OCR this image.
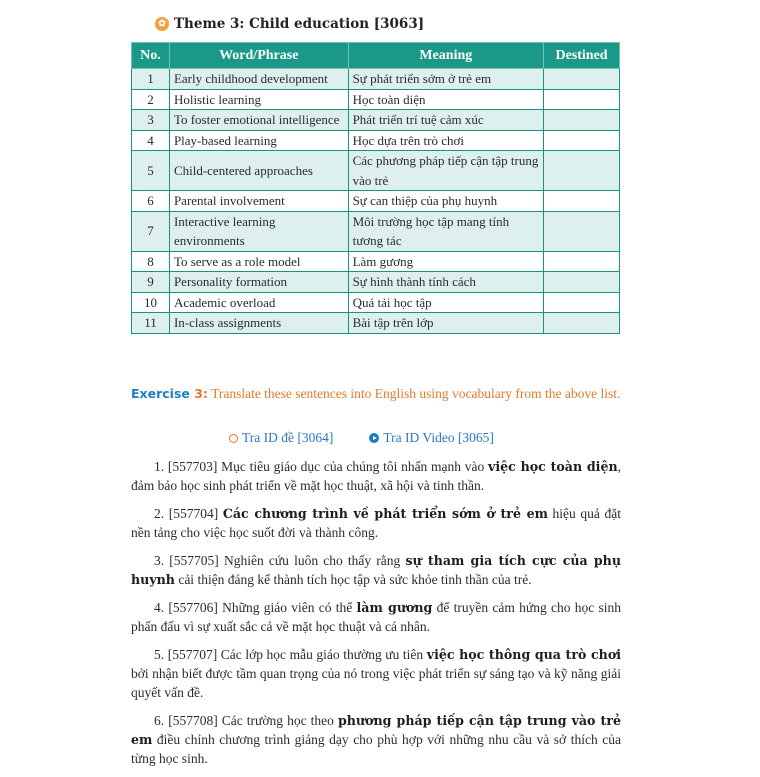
✿ Theme 3: Child education [3063]
No.	Word/Phrase	Meaning	Destined
1	Early childhood development	Sự phát triển sớm ở trẻ em	
2	Holistic learning	Học toàn diện	
3	To foster emotional intelligence	Phát triển trí tuệ cảm xúc	
4	Play-based learning	Học dựa trên trò chơi	
5	Child-centered approaches	Các phương pháp tiếp cận tập trung vào trẻ	
6	Parental involvement	Sự can thiệp của phụ huynh	
7	Interactive learning environments	Môi trường học tập mang tính tương tác	
8	To serve as a role model	Làm gương	
9	Personality formation	Sự hình thành tính cách	
10	Academic overload	Quá tải học tập	
11	In-class assignments	Bài tập trên lớp	
Exercise 3: Translate these sentences into English using vocabulary from the above list.
Tra ID đề [3064]	Tra ID Video [3065]

1. [557703] Mục tiêu giáo dục của chúng tôi nhấn mạnh vào việc học toàn diện, đảm bảo học sinh phát triển về mặt học thuật, xã hội và tinh thần.

2. [557704] Các chương trình về phát triển sớm ở trẻ em hiệu quả đặt nền tảng cho việc học suốt đời và thành công.

3. [557705] Nghiên cứu luôn cho thấy rằng sự tham gia tích cực của phụ huynh cải thiện đáng kể thành tích học tập và sức khỏe tinh thần của trẻ.

4. [557706] Những giáo viên có thể làm gương để truyền cảm hứng cho học sinh phấn đấu vì sự xuất sắc cả về mặt học thuật và cá nhân.

5. [557707] Các lớp học mẫu giáo thường ưu tiên việc học thông qua trò chơi bởi nhận biết được tầm quan trọng của nó trong việc phát triển sự sáng tạo và kỹ năng giải quyết vấn đề.

6. [557708] Các trường học theo phương pháp tiếp cận tập trung vào trẻ em điều chỉnh chương trình giảng dạy cho phù hợp với những nhu cầu và sở thích của từng học sinh.
